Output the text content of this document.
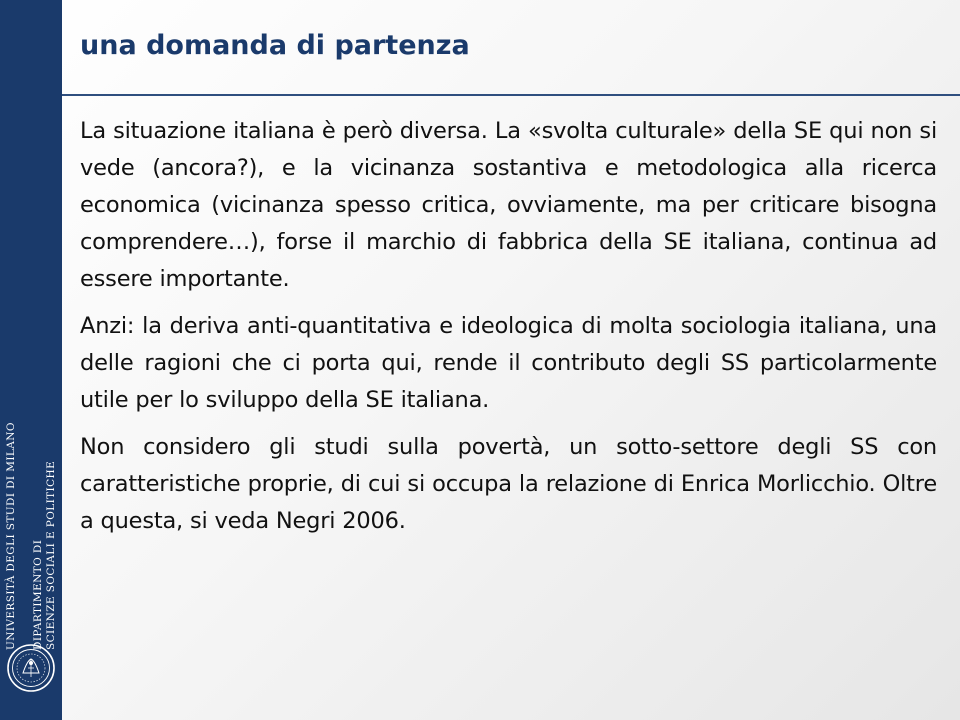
UNIVERSITÀ DEGLI STUDI DI MILANO DIPARTIMENTO DI SCIENZE SOCIALI E POLITICHE
una domanda di partenza

La situazione italiana è però diversa. La «svolta culturale» della SE qui non si vede (ancora?), e la vicinanza sostantiva e metodologica alla ricerca economica (vicinanza spesso critica, ovviamente, ma per criticare bisogna comprendere…), forse il marchio di fabbrica della SE italiana, continua ad essere importante.

Anzi: la deriva anti-quantitativa e ideologica di molta sociologia italiana, una delle ragioni che ci porta qui, rende il contributo degli SS particolarmente utile per lo sviluppo della SE italiana.

Non considero gli studi sulla povertà, un sotto-settore degli SS con caratteristiche proprie, di cui si occupa la relazione di Enrica Morlicchio. Oltre a questa, si veda Negri 2006.
